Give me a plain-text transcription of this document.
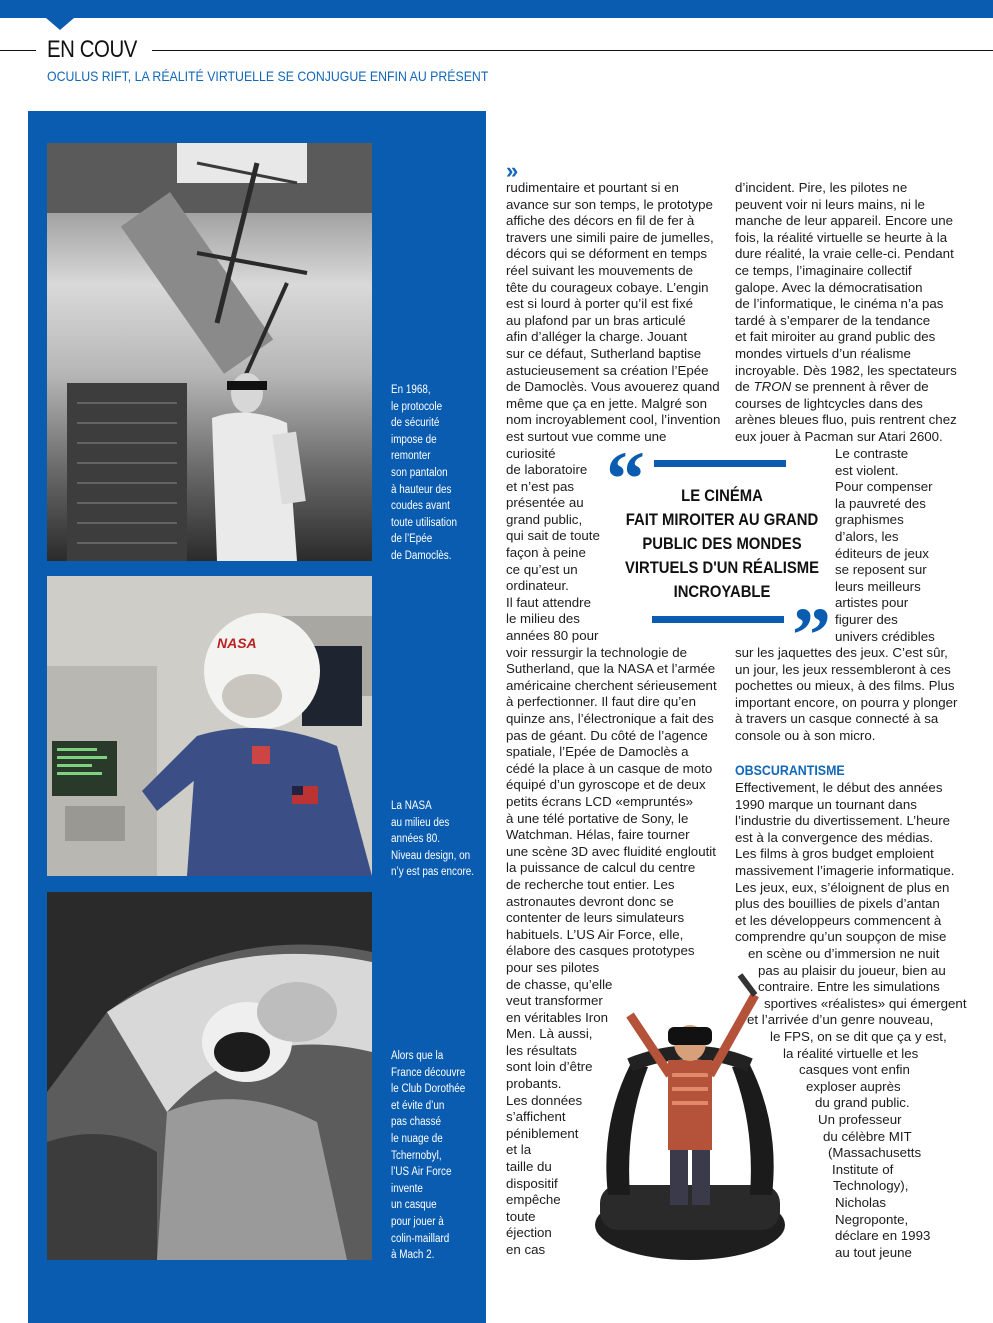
EN COUV
OCULUS RIFT, LA RÉALITÉ VIRTUELLE SE CONJUGUE ENFIN AU PRÉSENT
En 1968,
le protocole
de sécurité
impose de
remonter
son pantalon
à hauteur des
coudes avant
toute utilisation
de l’Epée
de Damoclès.
NASA
La NASA
au milieu des
années 80.
Niveau design, on
n’y est pas encore.
Alors que la
France découvre
le Club Dorothée
et évite d’un
pas chassé
le nuage de
Tchernobyl,
l’US Air Force
invente
un casque
pour jouer à
colin-maillard
à Mach 2.
»
rudimentaire et pourtant si en
avance sur son temps, le prototype
affiche des décors en fil de fer à
travers une simili paire de jumelles,
décors qui se déforment en temps
réel suivant les mouvements de
tête du courageux cobaye. L’engin
est si lourd à porter qu’il est fixé
au plafond par un bras articulé
afin d’alléger la charge. Jouant
sur ce défaut, Sutherland baptise
astucieusement sa création l’Epée
de Damoclès. Vous avouerez quand
même que ça en jette. Malgré son
nom incroyablement cool, l’invention
est surtout vue comme une
curiosité
de laboratoire
et n’est pas
présentée au
grand public,
qui sait de toute
façon à peine
ce qu’est un
ordinateur.
Il faut attendre
le milieu des
années 80 pour
voir ressurgir la technologie de
Sutherland, que la NASA et l’armée
américaine cherchent sérieusement
à perfectionner. Il faut dire qu’en
quinze ans, l’électronique a fait des
pas de géant. Du côté de l’agence
spatiale, l’Epée de Damoclès a
cédé la place à un casque de moto
équipé d’un gyroscope et de deux
petits écrans LCD «empruntés»
à une télé portative de Sony, le
Watchman. Hélas, faire tourner
une scène 3D avec fluidité engloutit
la puissance de calcul du centre
de recherche tout entier. Les
astronautes devront donc se
contenter de leurs simulateurs
habituels. L’US Air Force, elle,
élabore des casques prototypes
pour ses pilotes
de chasse, qu’elle
veut transformer
en véritables Iron
Men. Là aussi,
les résultats
sont loin d’être
probants.
Les données
s’affichent
péniblement
et la
taille du
dispositif
empêche
toute
éjection
en cas
d’incident. Pire, les pilotes ne
peuvent voir ni leurs mains, ni le
manche de leur appareil. Encore une
fois, la réalité virtuelle se heurte à la
dure réalité, la vraie celle-ci. Pendant
ce temps, l’imaginaire collectif
galope. Avec la démocratisation
de l’informatique, le cinéma n’a pas
tardé à s’emparer de la tendance
et fait miroiter au grand public des
mondes virtuels d’un réalisme
incroyable. Dès 1982, les spectateurs
de TRON se prennent à rêver de
courses de lightcycles dans des
arènes bleues fluo, puis rentrent chez
eux jouer à Pacman sur Atari 2600.
Le contraste
est violent.
Pour compenser
la pauvreté des
graphismes
d’alors, les
éditeurs de jeux
se reposent sur
leurs meilleurs
artistes pour
figurer des
univers crédibles
sur les jaquettes des jeux. C’est sûr,
un jour, les jeux ressembleront à ces
pochettes ou mieux, à des films. Plus
important encore, on pourra y plonger
à travers un casque connecté à sa
console ou à son micro.
OBSCURANTISME
Effectivement, le début des années
1990 marque un tournant dans
l’industrie du divertissement. L’heure
est à la convergence des médias.
Les films à gros budget emploient
massivement l’imagerie informatique.
Les jeux, eux, s’éloignent de plus en
plus des bouillies de pixels d’antan
et les développeurs commencent à
comprendre qu’un soupçon de mise
en scène ou d’immersion ne nuit
pas au plaisir du joueur, bien au
contraire. Entre les simulations
sportives «réalistes» qui émergent
et l’arrivée d’un genre nouveau,
le FPS, on se dit que ça y est,
la réalité virtuelle et les
casques vont enfin
exploser auprès
du grand public.
Un professeur
du célèbre MIT
(Massachusetts
Institute of
Technology),
Nicholas
Negroponte,
déclare en 1993
au tout jeune
“	LE CINÉMA
FAIT MIROITER AU GRAND
PUBLIC DES MONDES
VIRTUELS D'UN RÉALISME
INCROYABLE ”
